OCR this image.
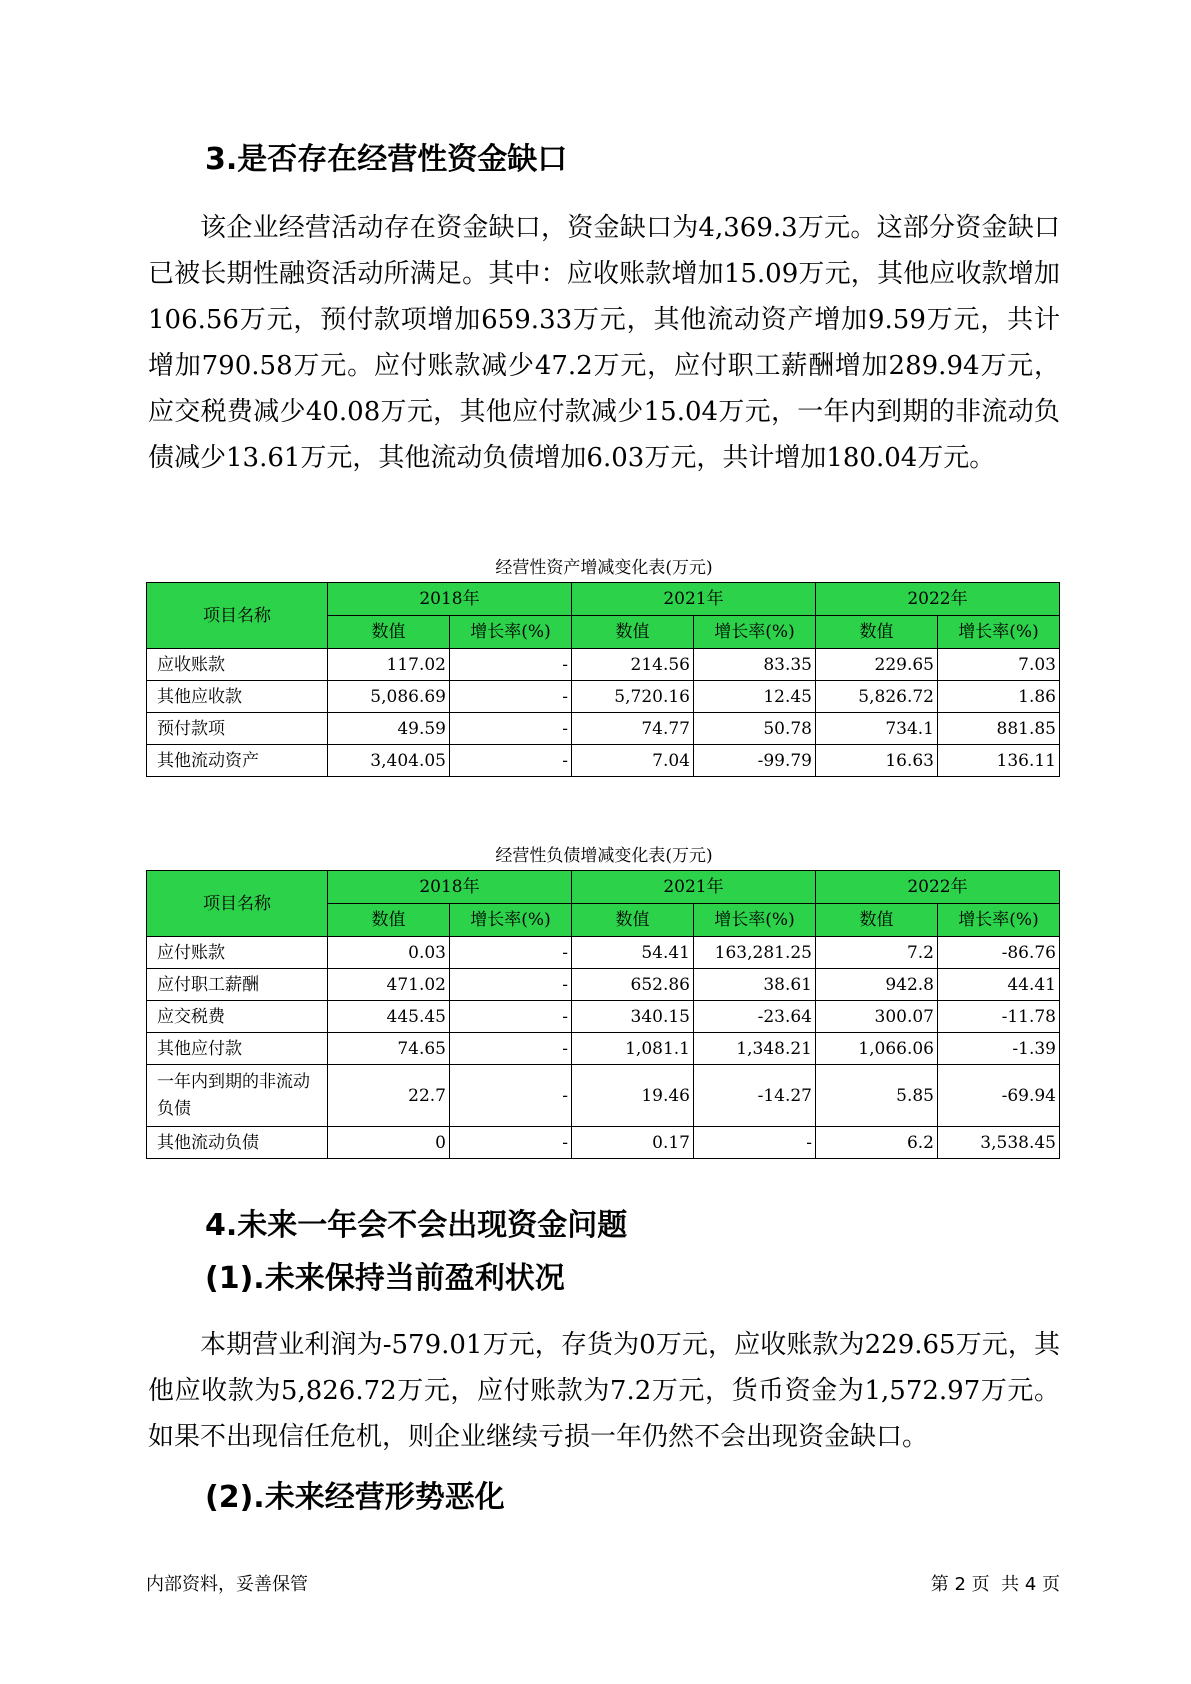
3.是否存在经营性资金缺口

该企业经营活动存在资金缺口，资金缺口为4,369.3万元。这部分资金缺口已被长期性融资活动所满足。其中：应收账款增加15.09万元，其他应收款增加106.56万元，预付款项增加659.33万元，其他流动资产增加9.59万元，共计增加790.58万元。应付账款减少47.2万元，应付职工薪酬增加289.94万元，应交税费减少40.08万元，其他应付款减少15.04万元，一年内到期的非流动负债减少13.61万元，其他流动负债增加6.03万元，共计增加180.04万元。

经营性资产增减变化表(万元)
项目名称	2018年		2021年		2022年	
	数值	增长率(%)	数值	增长率(%)	数值	增长率(%)
应收账款	117.02	-	214.56	83.35	229.65	7.03
其他应收款	5,086.69	-	5,720.16	12.45	5,826.72	1.86
预付款项	49.59	-	74.77	50.78	734.1	881.85
其他流动资产	3,404.05	-	7.04	-99.79	16.63	136.11
经营性负债增减变化表(万元)
项目名称	2018年		2021年		2022年	
	数值	增长率(%)	数值	增长率(%)	数值	增长率(%)
应付账款	0.03	-	54.41	163,281.25	7.2	-86.76
应付职工薪酬	471.02	-	652.86	38.61	942.8	44.41
应交税费	445.45	-	340.15	-23.64	300.07	-11.78
其他应付款	74.65	-	1,081.1	1,348.21	1,066.06	-1.39
一年内到期的非流动负债	22.7	-	19.46	-14.27	5.85	-69.94
其他流动负债	0	-	0.17	-	6.2	3,538.45
4.未来一年会不会出现资金问题
(1).未来保持当前盈利状况

本期营业利润为-579.01万元，存货为0万元，应收账款为229.65万元，其他应收款为5,826.72万元，应付账款为7.2万元，货币资金为1,572.97万元。如果不出现信任危机，则企业继续亏损一年仍然不会出现资金缺口。

(2).未来经营形势恶化
内部资料，妥善保管	第 2 页  共 4 页
